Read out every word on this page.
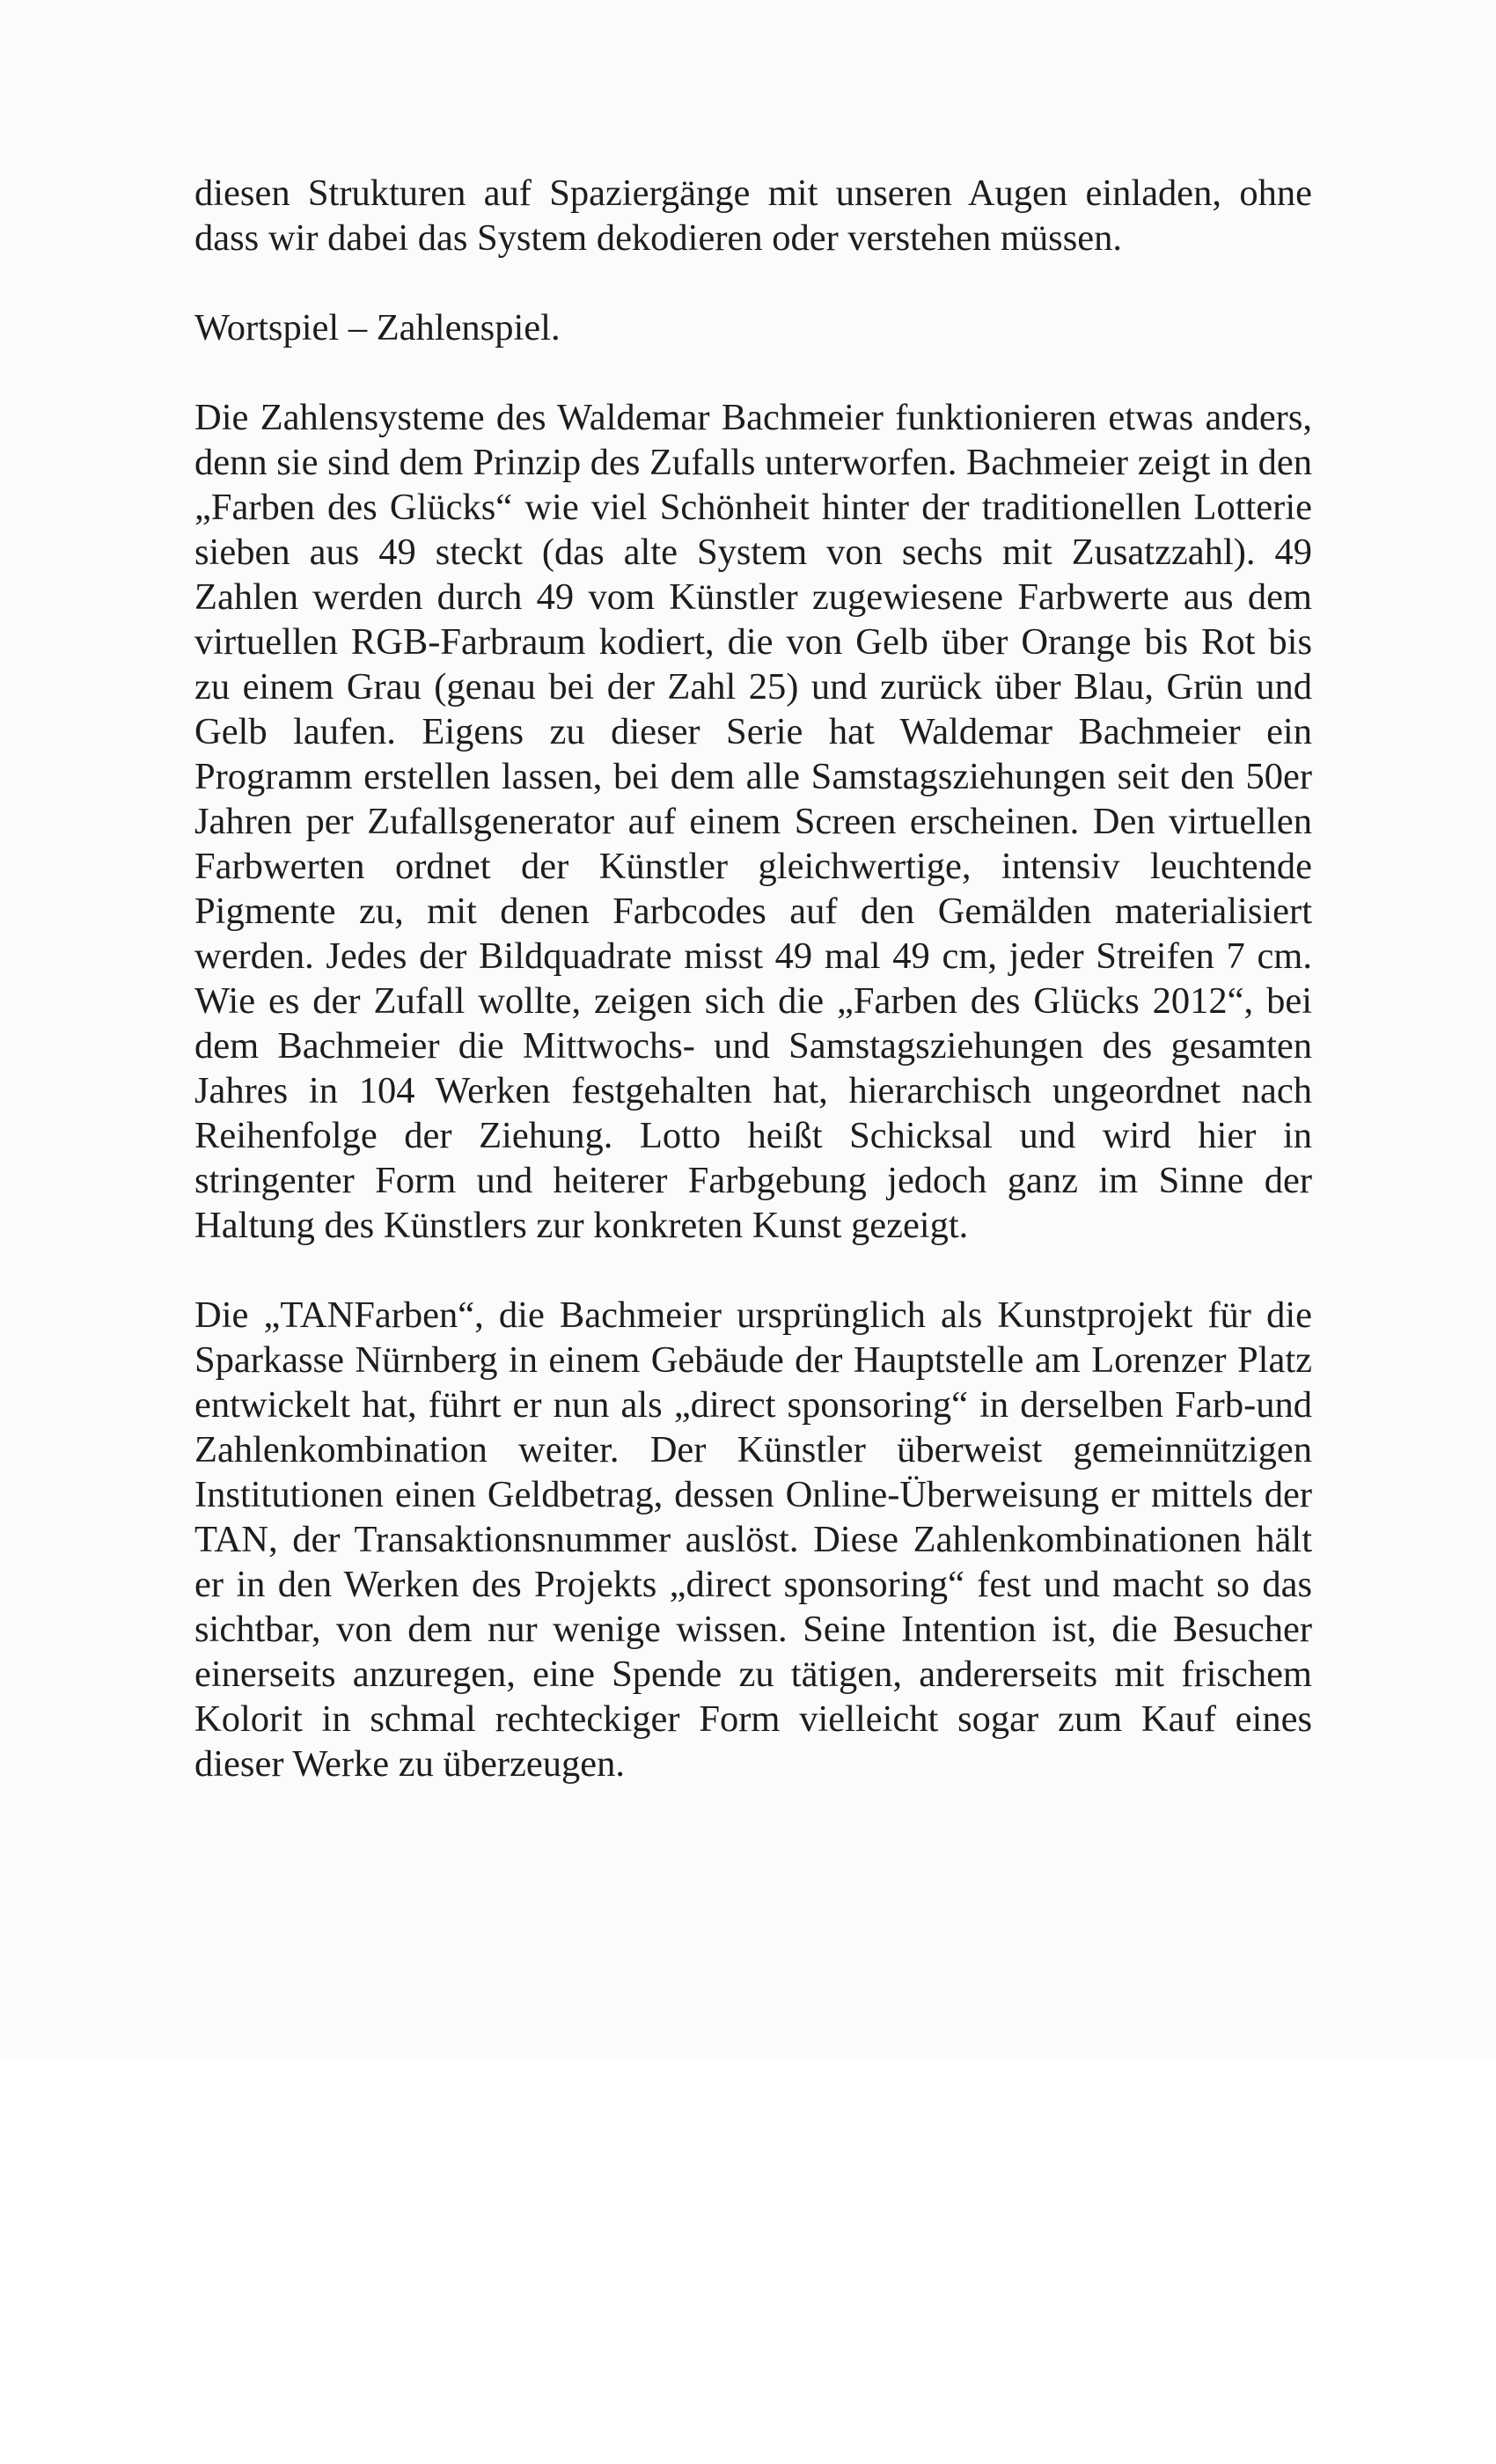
diesen Strukturen auf Spaziergänge mit unseren Augen einladen, ohne dass wir dabei das System dekodieren oder verstehen müssen.

Wortspiel – Zahlenspiel.

Die Zahlensysteme des Waldemar Bachmeier funktionieren etwas anders, denn sie sind dem Prinzip des Zufalls unterworfen. Bachmeier zeigt in den „Farben des Glücks“ wie viel Schönheit hinter der traditionellen Lotterie sieben aus 49 steckt (das alte System von sechs mit Zusatzzahl). 49 Zahlen werden durch 49 vom Künstler zugewiesene Farbwerte aus dem virtuellen RGB-Farbraum kodiert, die von Gelb über Orange bis Rot bis zu einem Grau (genau bei der Zahl 25) und zurück über Blau, Grün und Gelb laufen. Eigens zu dieser Serie hat Waldemar Bachmeier ein Programm erstellen lassen, bei dem alle Samstagsziehungen seit den 50er Jahren per Zufallsgenerator auf einem Screen erscheinen. Den virtuellen Farbwerten ordnet der Künstler gleichwertige, intensiv leuchtende Pigmente zu, mit denen Farbcodes auf den Gemälden materialisiert werden. Jedes der Bildquadrate misst 49 mal 49 cm, jeder Streifen 7 cm. Wie es der Zufall wollte, zeigen sich die „Farben des Glücks 2012“, bei dem Bachmeier die Mittwochs- und Samstagsziehungen des gesamten Jahres in 104 Werken festgehalten hat, hierarchisch ungeordnet nach Reihenfolge der Ziehung. Lotto heißt Schicksal und wird hier in stringenter Form und heiterer Farbgebung jedoch ganz im Sinne der Haltung des Künstlers zur konkreten Kunst gezeigt.

Die „TANFarben“, die Bachmeier ursprünglich als Kunstprojekt für die Sparkasse Nürnberg in einem Gebäude der Hauptstelle am Lorenzer Platz entwickelt hat, führt er nun als „direct sponsoring“ in derselben Farb-und Zahlenkombination weiter. Der Künstler überweist gemeinnützigen Institutionen einen Geldbetrag, dessen Online-Überweisung er mittels der TAN, der Transaktionsnummer auslöst. Diese Zahlenkombinationen hält er in den Werken des Projekts „direct sponsoring“ fest und macht so das sichtbar, von dem nur wenige wissen. Seine Intention ist, die Besucher einerseits anzuregen, eine Spende zu tätigen, andererseits mit frischem Kolorit in schmal rechteckiger Form vielleicht sogar zum Kauf eines dieser Werke zu überzeugen.
